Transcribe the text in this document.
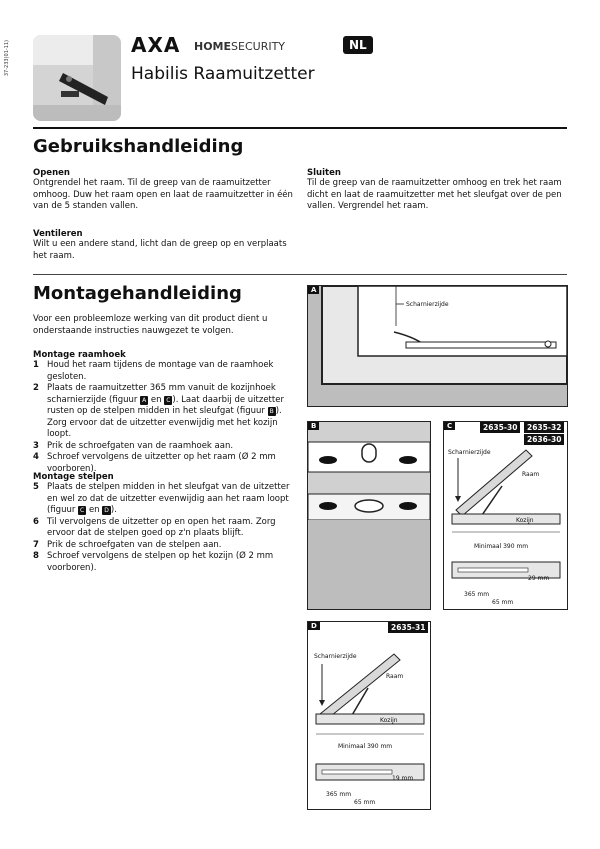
37-233(01-11)	AXA HOMESECURITY	NL
Habilis Raamuitzetter
Gebruikshandleiding
Openen
Ontgrendel het raam. Til de greep van de raamuitzetter omhoog. Duw het raam open en laat de raamuitzetter in één van de 5 standen vallen.
Ventileren
Wilt u een andere stand, licht dan de greep op en verplaats het raam.
Sluiten
Til de greep van de raamuitzetter omhoog en trek het raam dicht en laat de raamuitzetter met het sleufgat over de pen vallen. Vergrendel het raam.
Montagehandleiding
Voor een probleemloze werking van dit product dient u onderstaande instructies nauwgezet te volgen.
Montage raamhoek
1 Houd het raam tijdens de montage van de raamhoek gesloten.
2 Plaats de raamuitzetter 365 mm vanuit de kozijnhoek scharnierzijde (figuur A en C ). Laat daarbij de uitzetter rusten op de stelpen midden in het sleufgat (figuur B ). Zorg ervoor dat de uitzetter evenwijdig met het kozijn loopt.
3 Prik de schroefgaten van de raamhoek aan.
4 Schroef vervolgens de uitzetter op het raam (Ø 2 mm voorboren).
Montage stelpen
5 Plaats de stelpen midden in het sleufgat van de uitzetter en wel zo dat de uitzetter evenwijdig aan het raam loopt (figuur C en D ).
6 Til vervolgens de uitzetter op en open het raam. Zorg ervoor dat de stelpen goed op z'n plaats blijft.
7 Prik de schroefgaten van de stelpen aan.
8 Schroef vervolgens de stelpen op het kozijn (Ø 2 mm voorboren).
Scharnierzijde
A
B
Scharnierzijde
Raam
Kozijn
Minimaal 390 mm
29 mm
365 mm
65 mm
C	2635-30	2635-32
2636-30
Scharnierzijde
Raam
Kozijn
Minimaal 390 mm
19 mm
365 mm
65 mm
D	2635-31
